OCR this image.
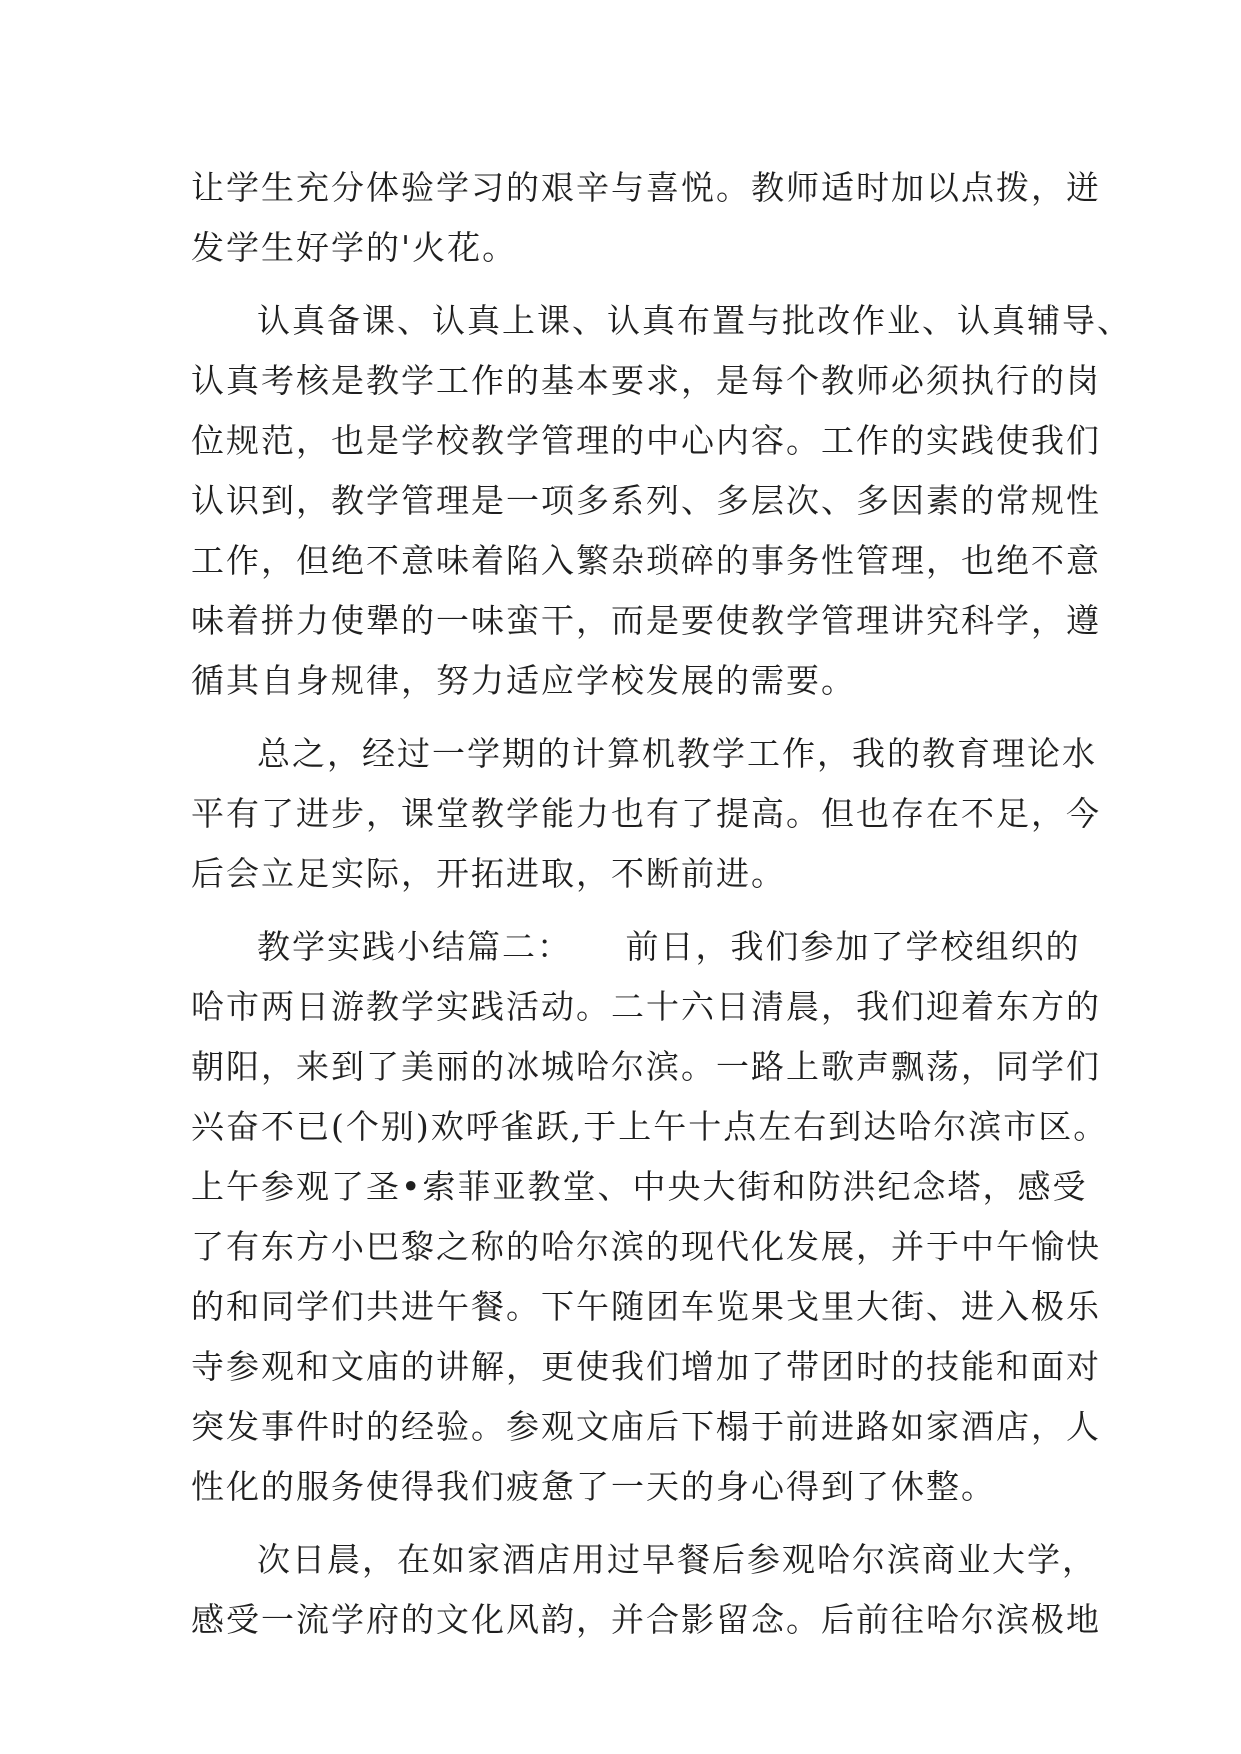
让学生充分体验学习的艰辛与喜悦。教师适时加以点拨，迸
发学生好学的'火花。
认真备课、认真上课、认真布置与批改作业、认真辅导、
认真考核是教学工作的基本要求，是每个教师必须执行的岗
位规范，也是学校教学管理的中心内容。工作的实践使我们
认识到，教学管理是一项多系列、多层次、多因素的常规性
工作，但绝不意味着陷入繁杂琐碎的事务性管理，也绝不意
味着拼力使犟的一味蛮干，而是要使教学管理讲究科学，遵
循其自身规律，努力适应学校发展的需要。
总之，经过一学期的计算机教学工作，我的教育理论水
平有了进步，课堂教学能力也有了提高。但也存在不足，今
后会立足实际，开拓进取，不断前进。
教学实践小结篇二：　　前日，我们参加了学校组织的
哈市两日游教学实践活动。二十六日清晨，我们迎着东方的
朝阳，来到了美丽的冰城哈尔滨。一路上歌声飘荡，同学们
兴奋不已(个别)欢呼雀跃,于上午十点左右到达哈尔滨市区。
上午参观了圣•索菲亚教堂、中央大街和防洪纪念塔，感受
了有东方小巴黎之称的哈尔滨的现代化发展，并于中午愉快
的和同学们共进午餐。下午随团车览果戈里大街、进入极乐
寺参观和文庙的讲解，更使我们增加了带团时的技能和面对
突发事件时的经验。参观文庙后下榻于前进路如家酒店，人
性化的服务使得我们疲惫了一天的身心得到了休整。
次日晨，在如家酒店用过早餐后参观哈尔滨商业大学，
感受一流学府的文化风韵，并合影留念。后前往哈尔滨极地
